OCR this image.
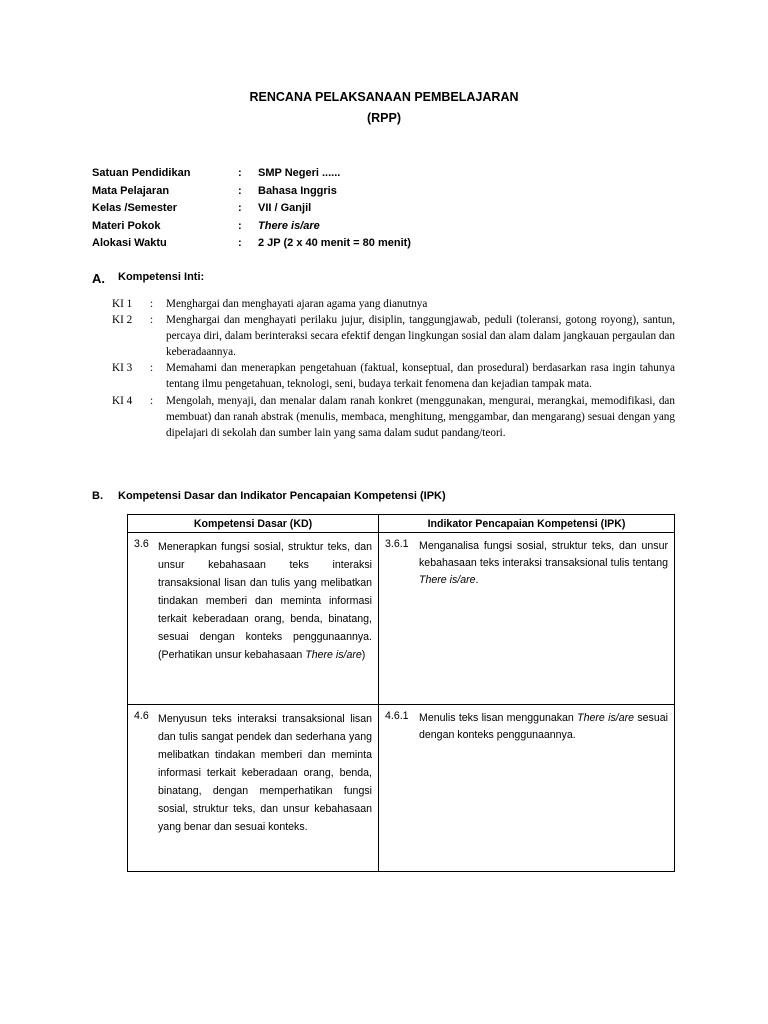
RENCANA PELAKSANAAN PEMBELAJARAN
(RPP)
Satuan Pendidikan	:	SMP Negeri ......
Mata Pelajaran	:	Bahasa Inggris
Kelas /Semester	:	VII / Ganjil
Materi Pokok	:	There is/are
Alokasi Waktu	:	2 JP (2 x 40 menit = 80 menit)
A.	Kompetensi Inti:
KI 1	:	Menghargai dan menghayati ajaran agama yang dianutnya
KI 2	:	Menghargai dan menghayati perilaku jujur, disiplin, tanggungjawab, peduli (toleransi, gotong royong), santun, percaya diri, dalam berinteraksi secara efektif dengan lingkungan sosial dan alam dalam jangkauan pergaulan dan keberadaannya.
KI 3	:	Memahami dan menerapkan pengetahuan (faktual, konseptual, dan prosedural) berdasarkan rasa ingin tahunya tentang ilmu pengetahuan, teknologi, seni, budaya terkait fenomena dan kejadian tampak mata.
KI 4	:	Mengolah, menyaji, dan menalar dalam ranah konkret (menggunakan, mengurai, merangkai, memodifikasi, dan membuat) dan ranah abstrak (menulis, membaca, menghitung, menggambar, dan mengarang) sesuai dengan yang dipelajari di sekolah dan sumber lain yang sama dalam sudut pandang/teori.
B.	Kompetensi Dasar dan Indikator Pencapaian Kompetensi (IPK)
Kompetensi Dasar (KD)	Indikator Pencapaian Kompetensi (IPK)

3.6 Menerapkan fungsi sosial, struktur teks, dan unsur kebahasaan teks interaksi transaksional lisan dan tulis yang melibatkan tindakan memberi dan meminta informasi terkait keberadaan orang, benda, binatang, sesuai dengan konteks penggunaannya. (Perhatikan unsur kebahasaan There is/are)	3.6.1 Menganalisa fungsi sosial, struktur teks, dan unsur kebahasaan teks interaksi transaksional tulis tentang There is/are.

4.6 Menyusun teks interaksi transaksional lisan dan tulis sangat pendek dan sederhana yang melibatkan tindakan memberi dan meminta informasi terkait keberadaan orang, benda, binatang, dengan memperhatikan fungsi sosial, struktur teks, dan unsur kebahasaan yang benar dan sesuai konteks.	4.6.1 Menulis teks lisan menggunakan There is/are sesuai dengan konteks penggunaannya.
